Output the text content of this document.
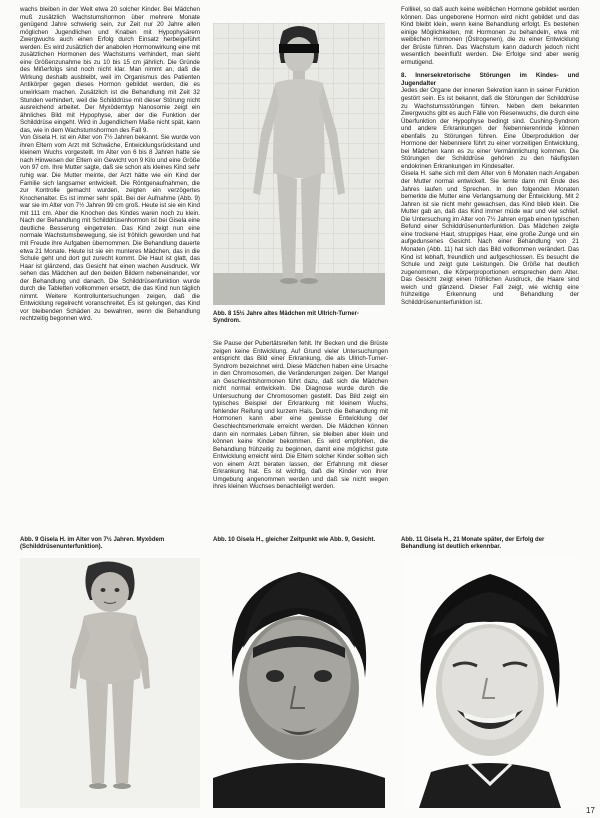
wachs bleiben in der Welt etwa 20 solcher Kinder. Bei Mädchen muß zusätzlich Wachstumshormon über mehrere Monate genügend Jahre schwierig sein, zur Zeit nur 20 Jahre allen möglichen Jugendlichen und Knaben mit Hypophysärem Zwergwuchs auch einen Erfolg durch Einsatz herbeigeführt werden. Es wird zusätzlich der anabolen Hormonwirkung eine mit zusätzlichen Hormonen des Wachstums verhindert, man sieht eine Größenzunahme bis zu 10 bis 15 cm jährlich. Die Gründe des Mißerfolgs sind noch nicht klar. Man nimmt an, daß die Wirkung deshalb ausbleibt, weil im Organismus des Patienten Antikörper gegen dieses Hormon gebildet werden, die es unwirksam machen. Zusätzlich ist die Behandlung mit Zeit 32 Stunden verhindert, weil die Schilddrüse mit dieser Störung nicht ausreichend arbeitet. Der Myxödemtyp Nanosomie zeigt ein ähnliches Bild mit Hypophyse, aber der die Funktion der Schilddrüse eingeht. Wird in Jugendlichem Maße nicht spät, kann das, wie in dem Wachstumshormon des Fall 9.

Von Gisela H. ist ein Alter von 7½ Jahren bekannt. Sie wurde von ihren Eltern vom Arzt mit Schwäche, Entwicklungsrückstand und kleinem Wuchs vorgestellt. Im Alter von 6 bis 8 Jahren hatte sie nach Hinweisen der Eltern ein Gewicht von 9 Kilo und eine Größe von 97 cm. Ihre Mutter sagte, daß sie schon als kleines Kind sehr ruhig war. Die Mutter meinte, der Arzt hätte wie ein Kind der Familie sich langsamer entwickelt. Die Röntgenaufnahmen, die zur Kontrolle gemacht wurden, zeigten ein verzögertes Knochenalter. Es ist immer sehr spät. Bei der Aufnahme (Abb. 9) war sie im Alter von 7½ Jahren 99 cm groß. Heute ist sie ein Kind mit 111 cm. Aber die Knochen des Kindes waren noch zu klein. Nach der Behandlung mit Schilddrüsenhormon ist bei Gisela eine deutliche Besserung eingetreten. Das Kind zeigt nun eine normale Wachstumsbewegung, sie ist fröhlich geworden und hat mit Freude ihre Aufgaben übernommen. Die Behandlung dauerte etwa 21 Monate. Heute ist sie ein munteres Mädchen, das in die Schule geht und dort gut zurecht kommt. Die Haut ist glatt, das Haar ist glänzend, das Gesicht hat einen wachen Ausdruck. Wir sehen das Mädchen auf den beiden Bildern nebeneinander, vor der Behandlung und danach. Die Schilddrüsenfunktion wurde durch die Tabletten vollkommen ersetzt, die das Kind nun täglich nimmt. Weitere Kontrolluntersuchungen zeigen, daß die Entwicklung regelrecht voranschreitet. Es ist gelungen, das Kind vor bleibenden Schäden zu bewahren, wenn die Behandlung rechtzeitig begonnen wird.

Abb. 8 15½ Jahre altes Mädchen mit Ullrich-Turner-Syndrom.

Sie Pause der Pubertätsreifen fehlt. Ihr Becken und die Brüste zeigen keine Entwicklung. Auf Grund vieler Untersuchungen entspricht das Bild einer Erkrankung, die als Ullrich-Turner-Syndrom bezeichnet wird. Diese Mädchen haben eine Ursache in den Chromosomen, die Veränderungen zeigen. Der Mangel an Geschlechtshormonen führt dazu, daß sich die Mädchen nicht normal entwickeln. Die Diagnose wurde durch die Untersuchung der Chromosomen gestellt. Das Bild zeigt ein typisches Beispiel der Erkrankung mit kleinem Wuchs, fehlender Reifung und kurzem Hals. Durch die Behandlung mit Hormonen kann aber eine gewisse Entwicklung der Geschlechtsmerkmale erreicht werden. Die Mädchen können dann ein normales Leben führen, sie bleiben aber klein und können keine Kinder bekommen. Es wird empfohlen, die Behandlung frühzeitig zu beginnen, damit eine möglichst gute Entwicklung erreicht wird. Die Eltern solcher Kinder sollten sich von einem Arzt beraten lassen, der Erfahrung mit dieser Erkrankung hat. Es ist wichtig, daß die Kinder von ihrer Umgebung angenommen werden und daß sie nicht wegen ihres kleinen Wuchses benachteiligt werden.

Follikel, so daß auch keine weiblichen Hormone gebildet werden können. Das ungeborene Hormon wird nicht gebildet und das Kind bleibt klein, wenn keine Behandlung erfolgt. Es bestehen einige Möglichkeiten, mit Hormonen zu behandeln, etwa mit weiblichen Hormonen (Östrogenen), die zu einer Entwicklung der Brüste führen. Das Wachstum kann dadurch jedoch nicht wesentlich beeinflußt werden. Die Erfolge sind aber wenig ermutigend.

8. Innersekretorische Störungen im Kindes- und Jugendalter

Jedes der Organe der inneren Sekretion kann in seiner Funktion gestört sein. Es ist bekannt, daß die Störungen der Schilddrüse zu Wachstumsstörungen führen. Neben dem bekannten Zwergwuchs gibt es auch Fälle von Riesenwuchs, die durch eine Überfunktion der Hypophyse bedingt sind. Cushing-Syndrom und andere Erkrankungen der Nebennierenrinde können ebenfalls zu Störungen führen. Eine Überproduktion der Hormone der Nebenniere führt zu einer vorzeitigen Entwicklung, bei Mädchen kann es zu einer Vermännlichung kommen. Die Störungen der Schilddrüse gehören zu den häufigsten endokrinen Erkrankungen im Kindesalter.

Gisela H. sahe sich mit dem Alter von 6 Monaten nach Angaben der Mutter normal entwickelt. Sie lernte dann mit Ende des Jahres laufen und Sprechen. In den folgenden Monaten bemerkte die Mutter eine Verlangsamung der Entwicklung. Mit 2 Jahren ist sie nicht mehr gewachsen, das Kind blieb klein. Die Mutter gab an, daß das Kind immer müde war und viel schlief. Die Untersuchung im Alter von 7½ Jahren ergab einen typischen Befund einer Schilddrüsenunterfunktion. Das Mädchen zeigte eine trockene Haut, struppiges Haar, eine große Zunge und ein aufgedunsenes Gesicht. Nach einer Behandlung von 21 Monaten (Abb. 11) hat sich das Bild vollkommen verändert. Das Kind ist lebhaft, freundlich und aufgeschlossen. Es besucht die Schule und zeigt gute Leistungen. Die Größe hat deutlich zugenommen, die Körperproportionen entsprechen dem Alter. Das Gesicht zeigt einen fröhlichen Ausdruck, die Haare sind weich und glänzend. Dieser Fall zeigt, wie wichtig eine frühzeitige Erkennung und Behandlung der Schilddrüsenunterfunktion ist.

Abb. 9 Gisela H. im Alter von 7½ Jahren. Myxödem (Schilddrüsenunterfunktion).
Abb. 10 Gisela H., gleicher Zeitpunkt wie Abb. 9, Gesicht.	Abb. 11 Gisela H., 21 Monate später, der Erfolg der Behandlung ist deutlich erkennbar.
17
